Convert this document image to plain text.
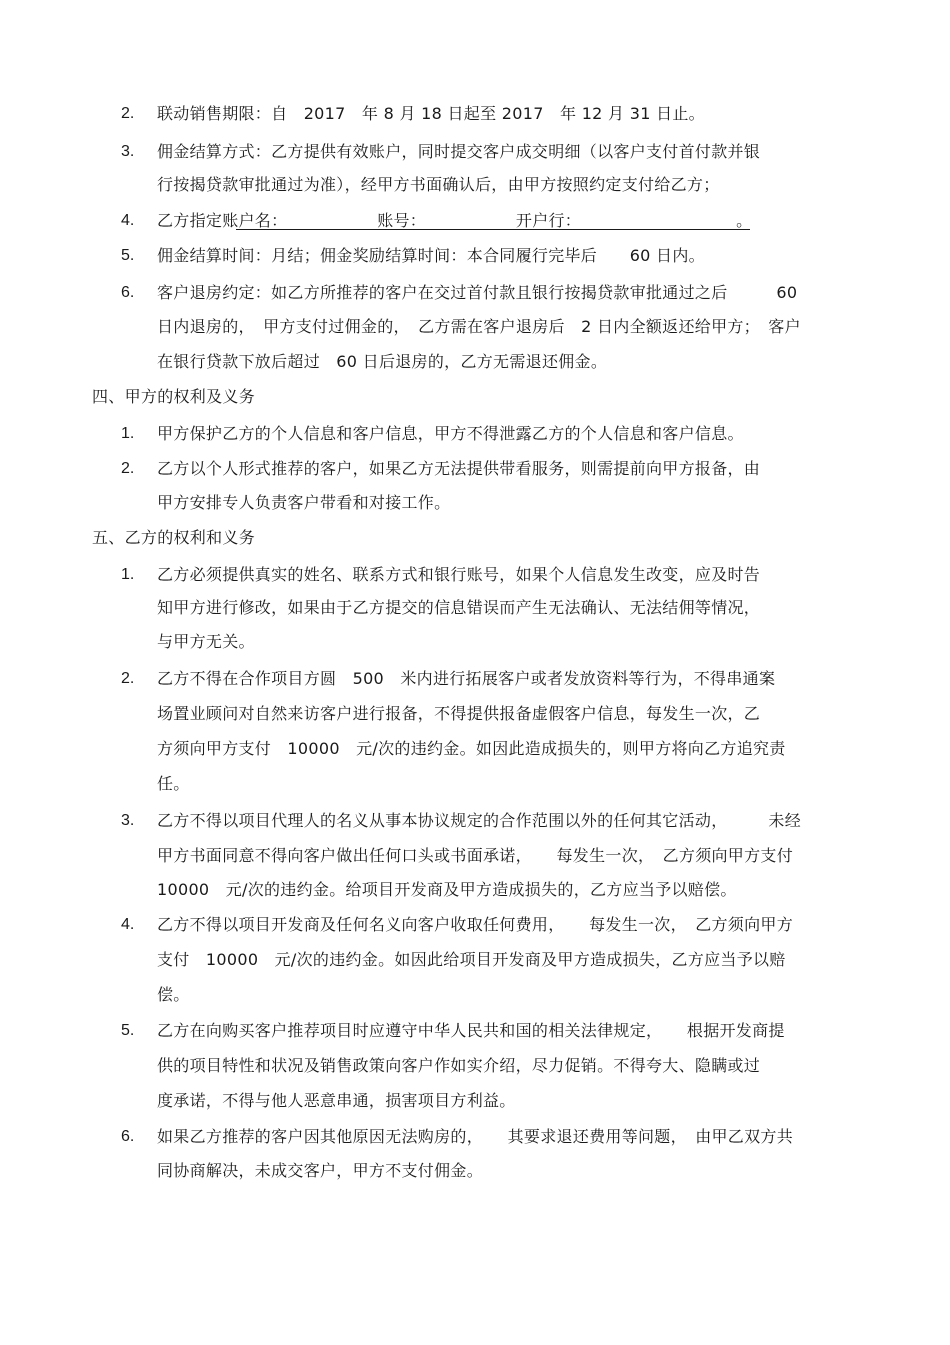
2.	联动销售期限：自　2017　年 8 月 18 日起至 2017　年 12 月 31 日止。
3.	佣金结算方式：乙方提供有效账户，同时提交客户成交明细（以客户支付首付款并银
行按揭贷款审批通过为准），经甲方书面确认后，由甲方按照约定支付给乙方；
4.	乙方指定账户名：　　　　　　账号：　　　　　　开户行：　　　　　　　　　　。
5.	佣金结算时间：月结；佣金奖励结算时间：本合同履行完毕后　　60 日内。
6.	客户退房约定：如乙方所推荐的客户在交过首付款且银行按揭贷款审批通过之后　　　60
日内退房的，　甲方支付过佣金的，　乙方需在客户退房后　2 日内全额返还给甲方；　客户
在银行贷款下放后超过　60 日后退房的，乙方无需退还佣金。
四、甲方的权利及义务
1.	甲方保护乙方的个人信息和客户信息，甲方不得泄露乙方的个人信息和客户信息。
2.	乙方以个人形式推荐的客户，如果乙方无法提供带看服务，则需提前向甲方报备，由
甲方安排专人负责客户带看和对接工作。
五、乙方的权利和义务
1.	乙方必须提供真实的姓名、联系方式和银行账号，如果个人信息发生改变，应及时告
知甲方进行修改，如果由于乙方提交的信息错误而产生无法确认、无法结佣等情况，
与甲方无关。
2.	乙方不得在合作项目方圆　500　米内进行拓展客户或者发放资料等行为，不得串通案
场置业顾问对自然来访客户进行报备，不得提供报备虚假客户信息，每发生一次，乙
方须向甲方支付　10000　元/次的违约金。如因此造成损失的，则甲方将向乙方追究责
任。
3.	乙方不得以项目代理人的名义从事本协议规定的合作范围以外的任何其它活动，　　　未经
甲方书面同意不得向客户做出任何口头或书面承诺，　　每发生一次，　乙方须向甲方支付
10000　元/次的违约金。给项目开发商及甲方造成损失的，乙方应当予以赔偿。
4.	乙方不得以项目开发商及任何名义向客户收取任何费用，　　每发生一次，　乙方须向甲方
支付　10000　元/次的违约金。如因此给项目开发商及甲方造成损失，乙方应当予以赔
偿。
5.	乙方在向购买客户推荐项目时应遵守中华人民共和国的相关法律规定，　　根据开发商提
供的项目特性和状况及销售政策向客户作如实介绍，尽力促销。不得夸大、隐瞒或过
度承诺，不得与他人恶意串通，损害项目方利益。
6.	如果乙方推荐的客户因其他原因无法购房的，　　其要求退还费用等问题，　由甲乙双方共
同协商解决，未成交客户，甲方不支付佣金。
